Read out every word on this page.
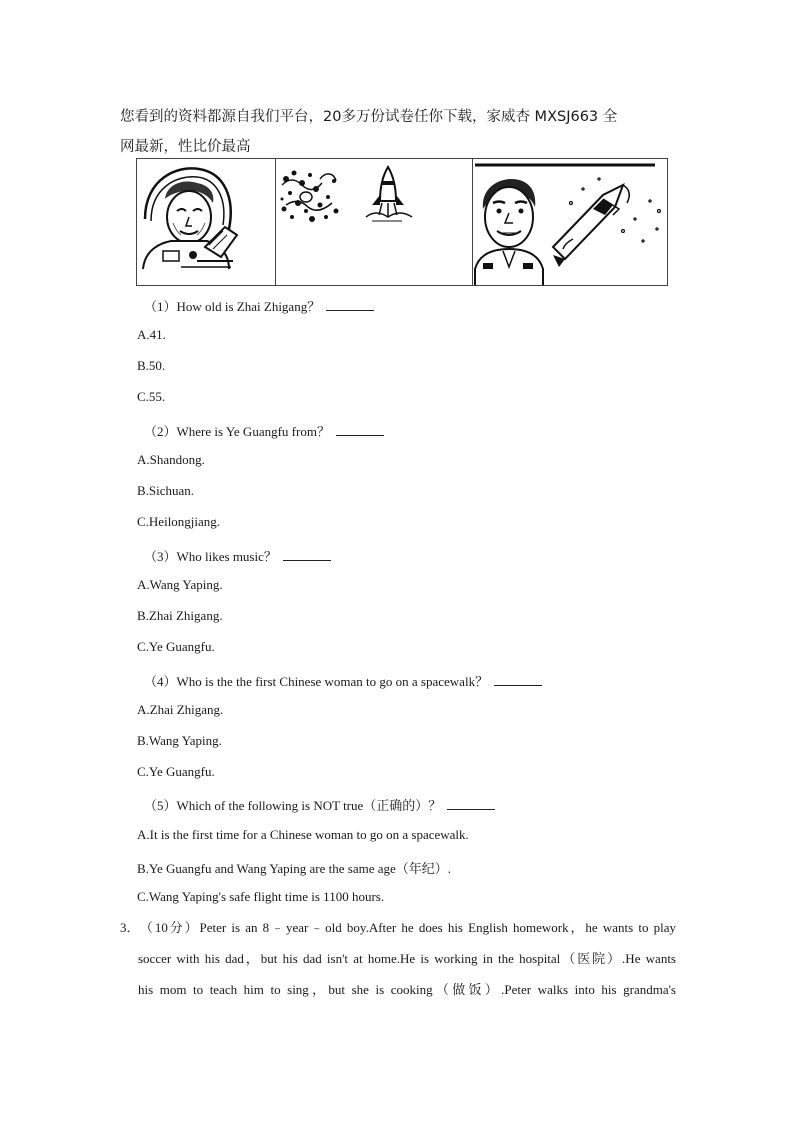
您看到的资料都源自我们平台，20多万份试卷任你下载，家威杏 MXSJ663 全

网最新，性比价最高
（1）How old is Zhai Zhigang？
A.41.
B.50.
C.55.
（2）Where is Ye Guangfu from？
A.Shandong.
B.Sichuan.
C.Heilongjiang.
（3）Who likes music？
A.Wang Yaping.
B.Zhai Zhigang.
C.Ye Guangfu.
（4）Who is the the first Chinese woman to go on a spacewalk？
A.Zhai Zhigang.
B.Wang Yaping.
C.Ye Guangfu.
（5）Which of the following is NOT true（正确的）？
A.It is the first time for a Chinese woman to go on a spacewalk.
B.Ye Guangfu and Wang Yaping are the same age（年纪）.
C.Wang Yaping's safe flight time is 1100 hours.
3．（10分）Peter is an 8﹣year﹣old boy.After he does his English homework，he wants to play
soccer with his dad，but his dad isn't at home.He is working in the hospital（医院）.He wants
his mom to teach him to sing，but she is cooking（做饭）.Peter walks into his grandma's
